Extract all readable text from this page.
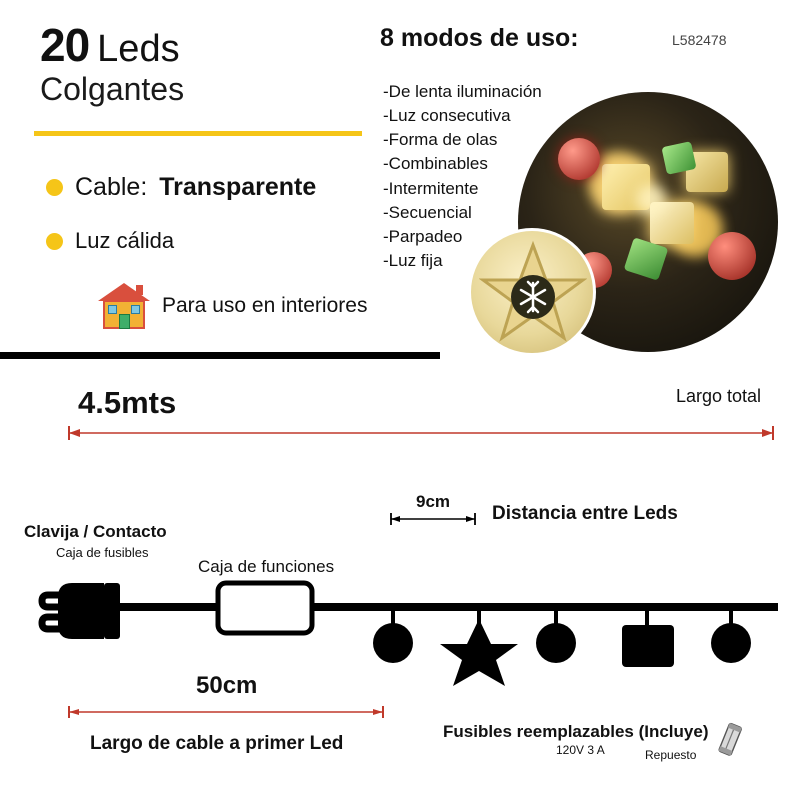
20 Leds
Colgantes
Cable: Transparente
Luz cálida
Para uso en interiores
8 modos de uso:	L582478
-De lenta iluminación
-Luz consecutiva
-Forma de olas
-Combinables
-Intermitente
-Secuencial
-Parpadeo
-Luz fija
4.5mts	Largo total
9cm
Distancia entre Leds
Clavija / Contacto
Caja de fusibles
Caja de funciones
50cm
Largo de cable a primer Led
Fusibles reemplazables (Incluye)
120V 3 A	Repuesto
